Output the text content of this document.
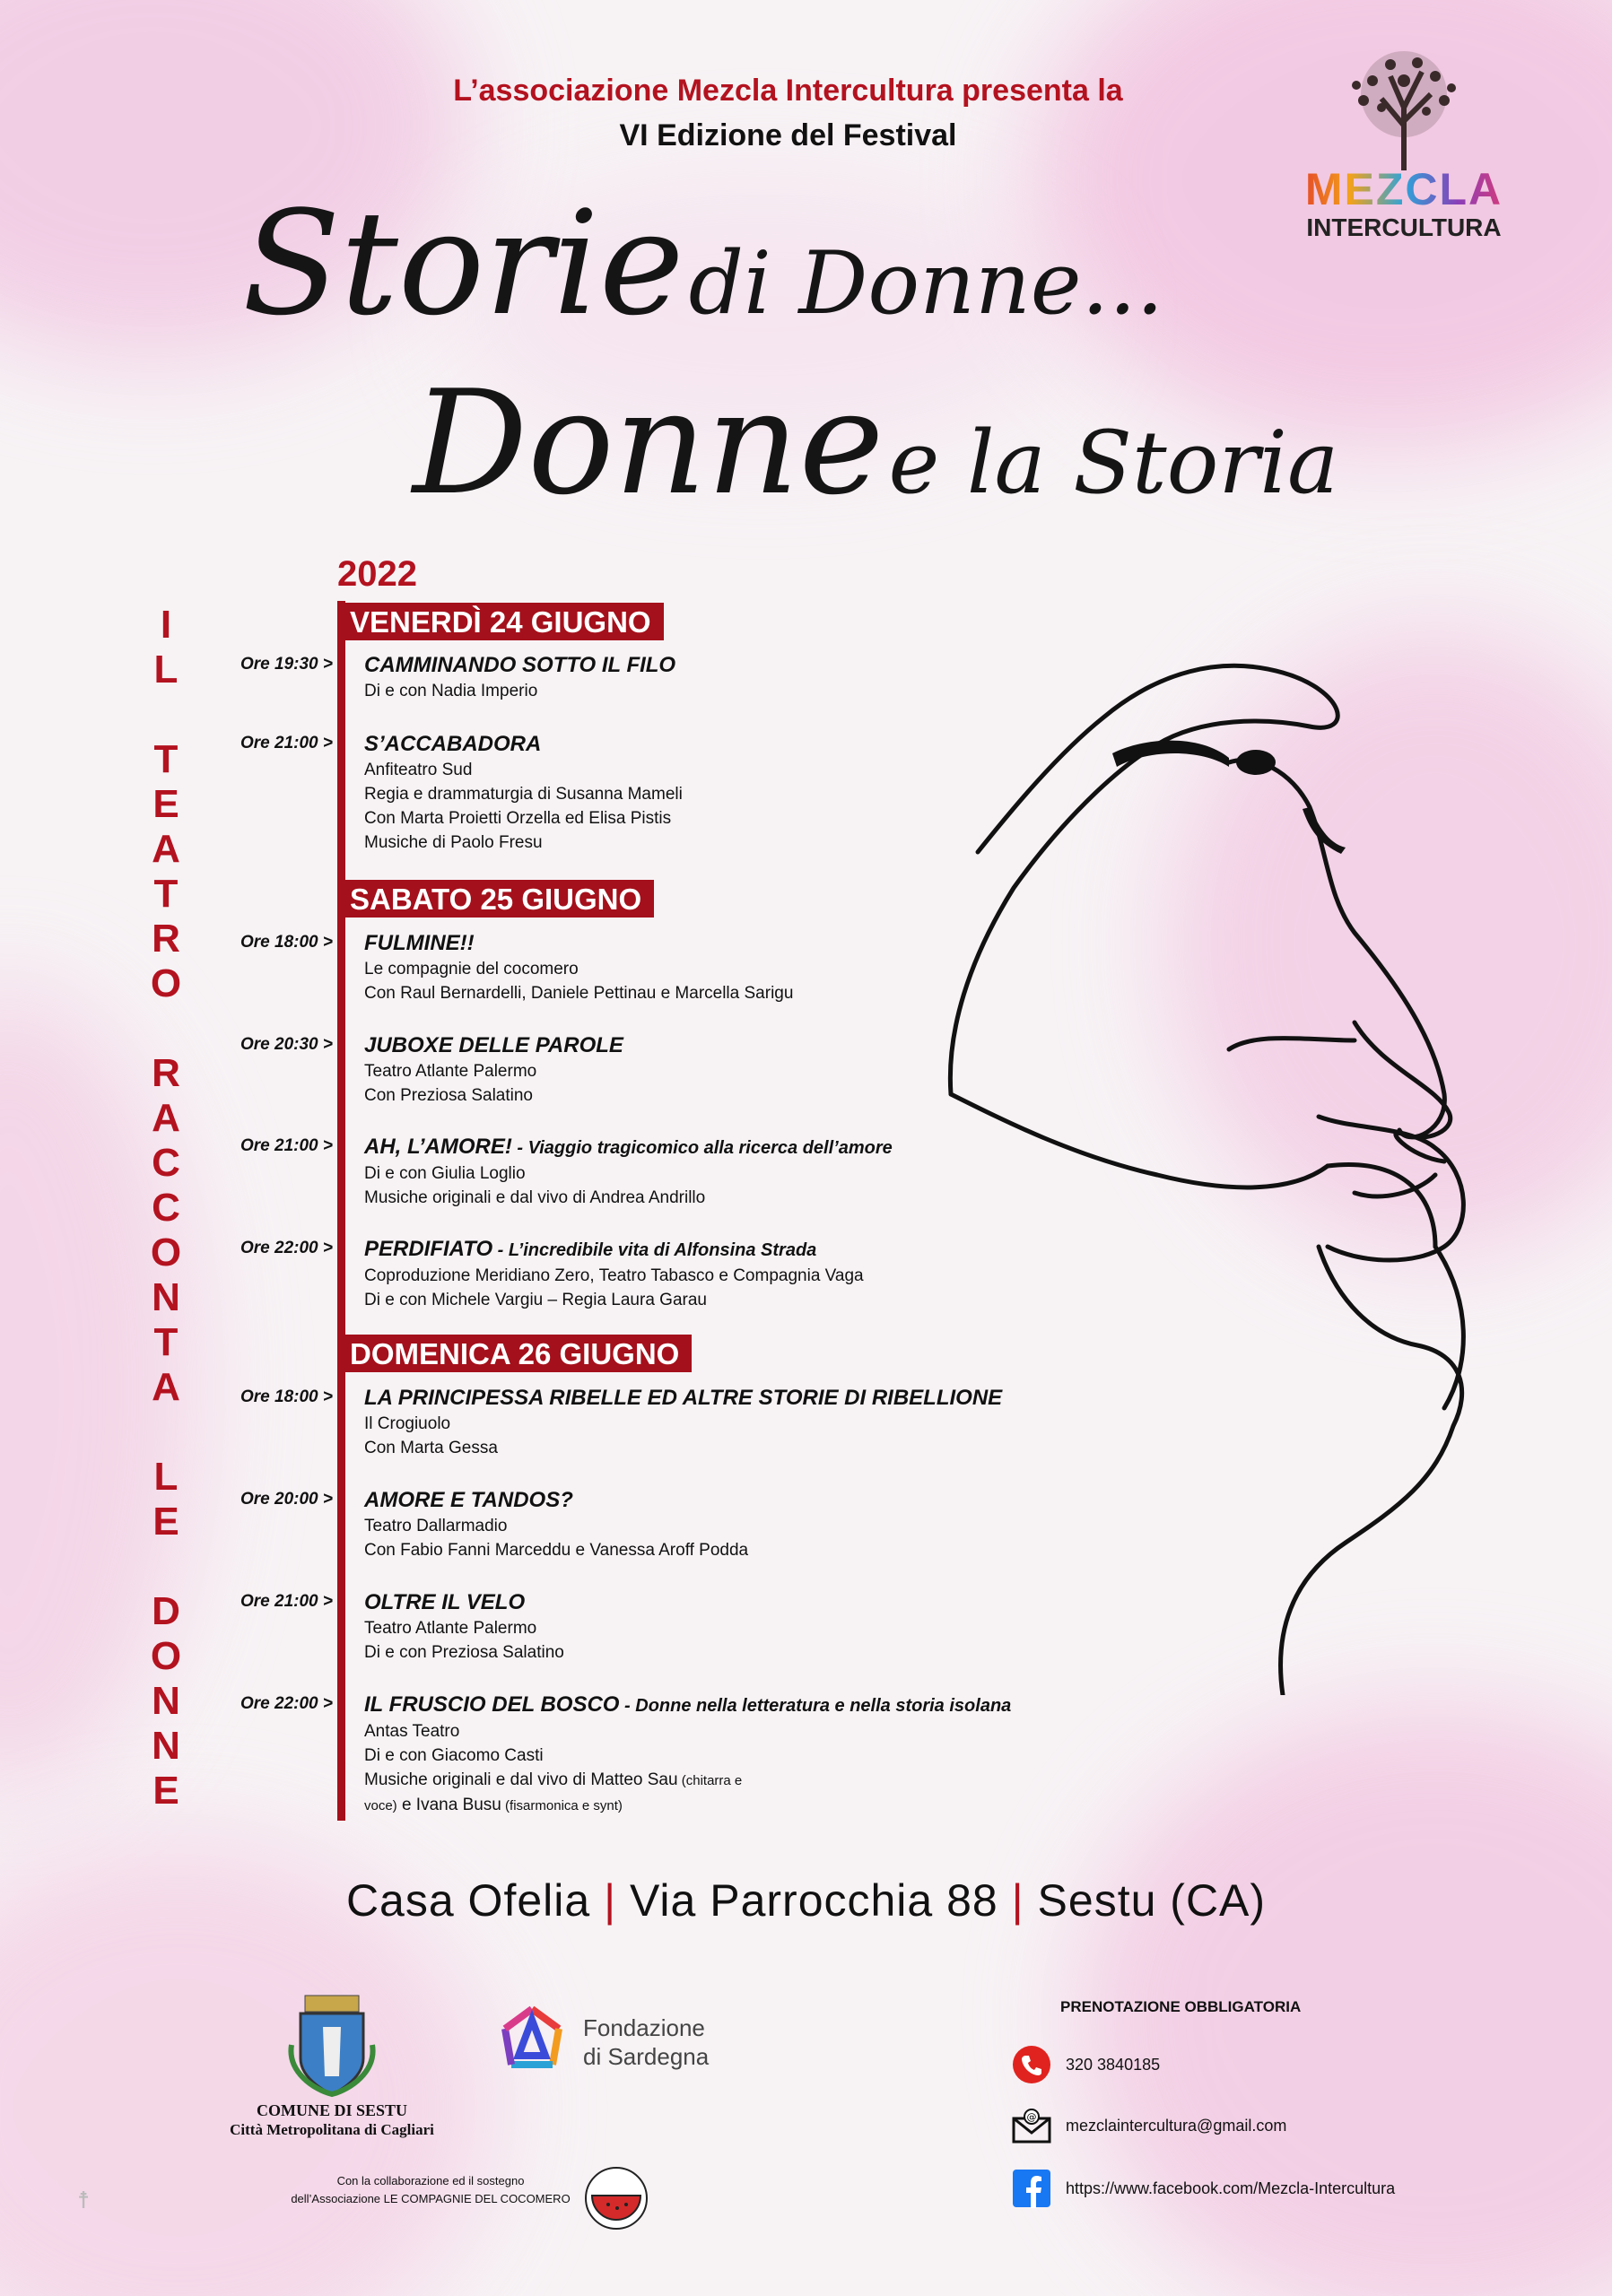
L’associazione Mezcla Intercultura presenta la
VI Edizione del Festival
MEZCLA
INTERCULTURA
Storie di Donne...
Donne e la Storia
2022
I
L

T
E
A
T
R
O

R
A
C
C
O
N
T
A

L
E

D
O
N
N
E
VENERDÌ 24 GIUGNO
SABATO 25 GIUGNO
DOMENICA 26 GIUGNO
Ore 19:30 > CAMMINANDO SOTTO IL FILO
Di e con Nadia Imperio
Ore 21:00 > S’ACCABADORA
Anfiteatro Sud
Regia e drammaturgia di Susanna Mameli
Con Marta Proietti Orzella ed Elisa Pistis
Musiche di Paolo Fresu
Ore 18:00 > FULMINE!!
Le compagnie del cocomero
Con Raul Bernardelli, Daniele Pettinau e Marcella Sarigu
Ore 20:30 > JUBOXE DELLE PAROLE
Teatro Atlante Palermo
Con Preziosa Salatino
Ore 21:00 > AH, L’AMORE! - Viaggio tragicomico alla ricerca dell’amore
Di e con Giulia Loglio
Musiche originali e dal vivo di Andrea Andrillo
Ore 22:00 > PERDIFIATO - L’incredibile vita di Alfonsina Strada
Coproduzione Meridiano Zero, Teatro Tabasco e Compagnia Vaga
Di e con Michele Vargiu – Regia Laura Garau
Ore 18:00 > LA PRINCIPESSA RIBELLE ED ALTRE STORIE DI RIBELLIONE
Il Crogiuolo
Con Marta Gessa
Ore 20:00 > AMORE E TANDOS?
Teatro Dallarmadio
Con Fabio Fanni Marceddu e Vanessa Aroff Podda
Ore 21:00 > OLTRE IL VELO
Teatro Atlante Palermo
Di e con Preziosa Salatino
Ore 22:00 > IL FRUSCIO DEL BOSCO - Donne nella letteratura e nella storia isolana
Antas Teatro
Di e con Giacomo Casti
Musiche originali e dal vivo di Matteo Sau (chitarra e
voce) e Ivana Busu (fisarmonica e synt)
Casa Ofelia | Via Parrocchia 88 | Sestu (CA)
COMUNE DI SESTU
Città Metropolitana di Cagliari
Fondazione
di Sardegna
Con la collaborazione ed il sostegno
dell’Associazione LE COMPAGNIE DEL COCOMERO
☨
PRENOTAZIONE OBBLIGATORIA
320 3840185
@ mezclaintercultura@gmail.com
https://www.facebook.com/Mezcla-Intercultura
